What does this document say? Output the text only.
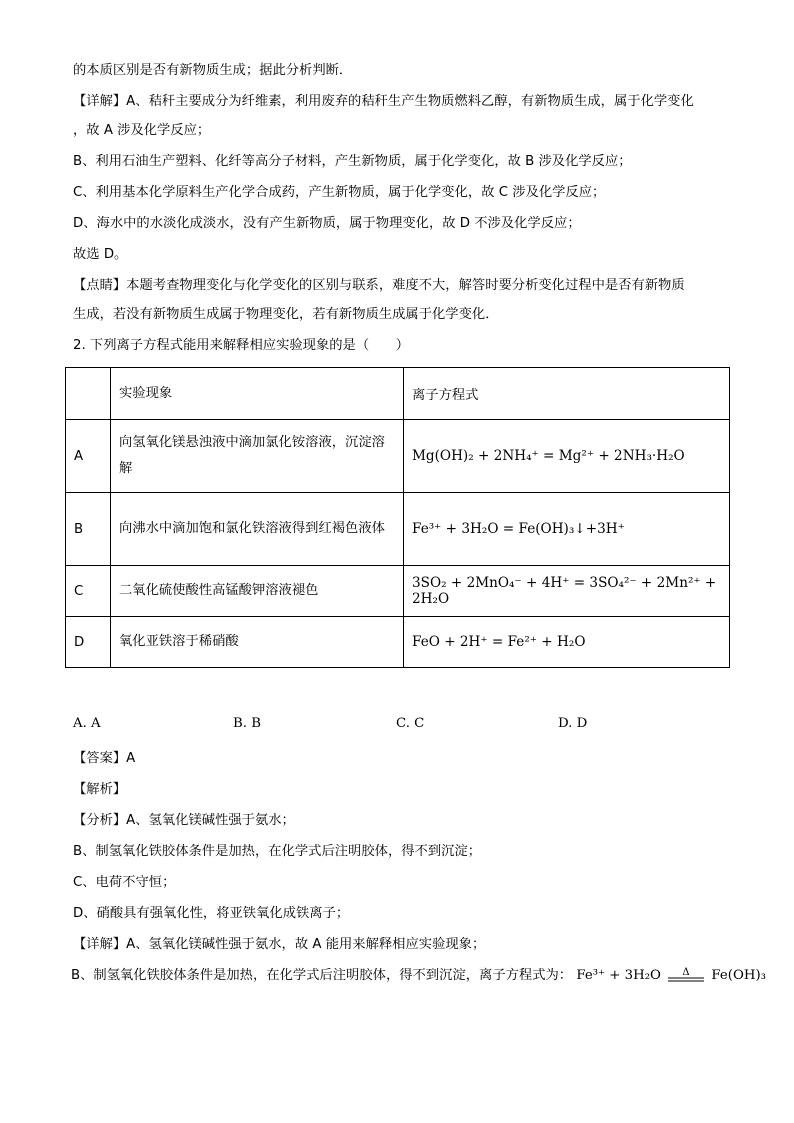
的本质区别是否有新物质生成；据此分析判断．
【详解】A、秸秆主要成分为纤维素，利用废弃的秸秆生产生物质燃料乙醇，有新物质生成，属于化学变化
，故 A 涉及化学反应；
B、利用石油生产塑料、化纤等高分子材料，产生新物质，属于化学变化，故 B 涉及化学反应；
C、利用基本化学原料生产化学合成药，产生新物质，属于化学变化，故 C 涉及化学反应；
D、海水中的水淡化成淡水，没有产生新物质，属于物理变化，故 D 不涉及化学反应；
故选 D。
【点睛】本题考查物理变化与化学变化的区别与联系，难度不大，解答时要分析变化过程中是否有新物质
生成，若没有新物质生成属于物理变化，若有新物质生成属于化学变化．
2. 下列离子方程式能用来解释相应实验现象的是（　　）
	实验现象	离子方程式
A	向氢氧化镁悬浊液中滴加氯化铵溶液，沉淀溶解	Mg(OH)₂ + 2NH₄⁺ = Mg²⁺ + 2NH₃·H₂O
B	向沸水中滴加饱和氯化铁溶液得到红褐色液体	Fe³⁺ + 3H₂O = Fe(OH)₃↓+3H⁺
C	二氧化硫使酸性高锰酸钾溶液褪色	3SO₂ + 2MnO₄⁻ + 4H⁺ = 3SO₄²⁻ + 2Mn²⁺ + 2H₂O
D	氧化亚铁溶于稀硝酸	FeO + 2H⁺ = Fe²⁺ + H₂O
A. A	B. B	C. C	D. D
【答案】A
【解析】
【分析】A、氢氧化镁碱性强于氨水；
B、制氢氧化铁胶体条件是加热，在化学式后注明胶体，得不到沉淀；
C、电荷不守恒；
D、硝酸具有强氧化性，将亚铁氧化成铁离子；
【详解】A、氢氧化镁碱性强于氨水，故 A 能用来解释相应实验现象；
B、制氢氧化铁胶体条件是加热，在化学式后注明胶体，得不到沉淀，离子方程式为： Fe³⁺ + 3H₂O Δ Fe(OH)₃
